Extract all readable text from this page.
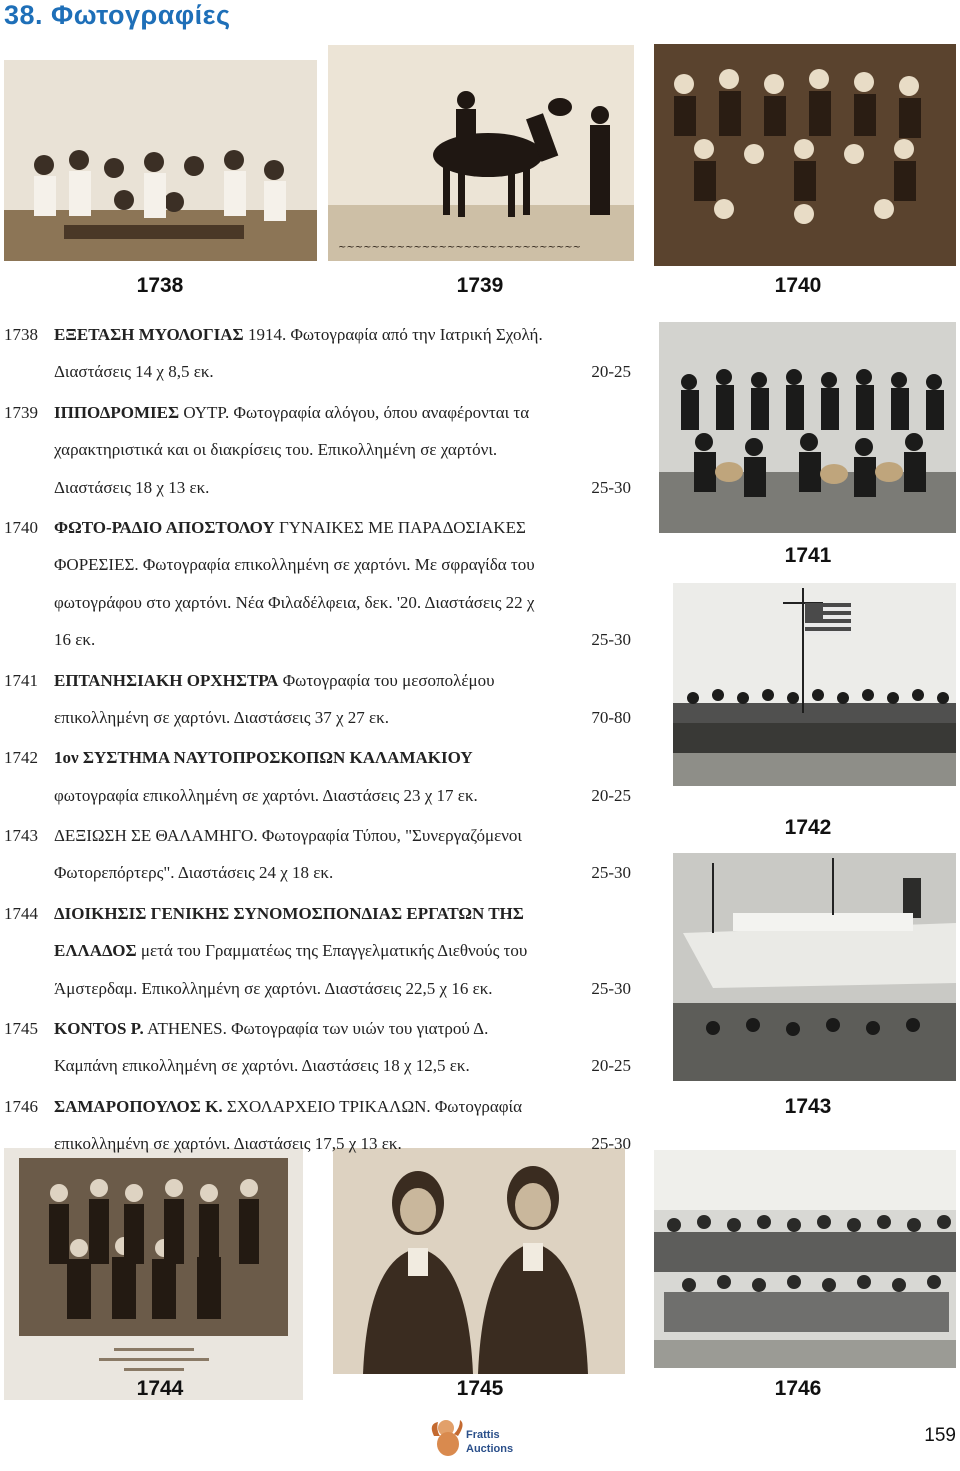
38. Φωτογραφίες
~~~~~~~~~~~~~~~~~~~~~~~~~~~~~
1738	1739	1740
1741
1742
1743
1744	1745	1746
1738 ΕΞΕΤΑΣΗ ΜΥΟΛΟΓΙΑΣ 1914. Φωτογραφία από την Ιατρική Σχολή.
Διαστάσεις 14 χ 8,5 εκ.	20-25
1739 ΙΠΠΟΔΡΟΜΙΕΣ ΟΥΤΡ. Φωτογραφία αλόγου, όπου αναφέρονται τα
χαρακτηριστικά και οι διακρίσεις του. Επικολλημένη σε χαρτόνι.
Διαστάσεις 18 χ 13 εκ.	25-30
1740 ΦΩΤΟ-ΡΑΔΙΟ ΑΠΟΣΤΟΛΟΥ ΓΥΝΑΙΚΕΣ ΜΕ ΠΑΡΑΔΟΣΙΑΚΕΣ
ΦΟΡΕΣΙΕΣ. Φωτογραφία επικολλημένη σε χαρτόνι. Με σφραγίδα του
φωτογράφου στο χαρτόνι. Νέα Φιλαδέλφεια, δεκ. '20. Διαστάσεις 22 χ
16 εκ.	25-30
1741 ΕΠΤΑΝΗΣΙΑΚΗ ΟΡΧΗΣΤΡΑ Φωτογραφία του μεσοπολέμου
επικολλημένη σε χαρτόνι. Διαστάσεις 37 χ 27 εκ.	70-80
1742 1ον ΣΥΣΤΗΜΑ ΝΑΥΤΟΠΡΟΣΚΟΠΩΝ ΚΑΛΑΜΑΚΙΟΥ
φωτογραφία επικολλημένη σε χαρτόνι. Διαστάσεις 23 χ 17 εκ.	20-25
1743 ΔΕΞΙΩΣΗ ΣΕ ΘΑΛΑΜΗΓΟ. Φωτογραφία Τύπου, "Συνεργαζόμενοι
Φωτορεπόρτερς". Διαστάσεις 24 χ 18 εκ.	25-30
1744 ΔΙΟΙΚΗΣΙΣ ΓΕΝΙΚΗΣ ΣΥΝΟΜΟΣΠΟΝΔΙΑΣ ΕΡΓΑΤΩΝ ΤΗΣ
ΕΛΛΑΔΟΣ μετά του Γραμματέως της Επαγγελματικής Διεθνούς του
Άμστερδαμ. Επικολλημένη σε χαρτόνι. Διαστάσεις 22,5 χ 16 εκ.	25-30
1745 KONTOS P. ATHENES. Φωτογραφία των υιών του γιατρού Δ.
Καμπάνη επικολλημένη σε χαρτόνι. Διαστάσεις 18 χ 12,5 εκ.	20-25
1746 ΣΑΜΑΡΟΠΟΥΛΟΣ Κ. ΣΧΟΛΑΡΧΕΙΟ ΤΡΙΚΑΛΩΝ. Φωτογραφία
επικολλημένη σε χαρτόνι. Διαστάσεις 17,5 χ 13 εκ.	25-30
Frattis
Auctions
159
